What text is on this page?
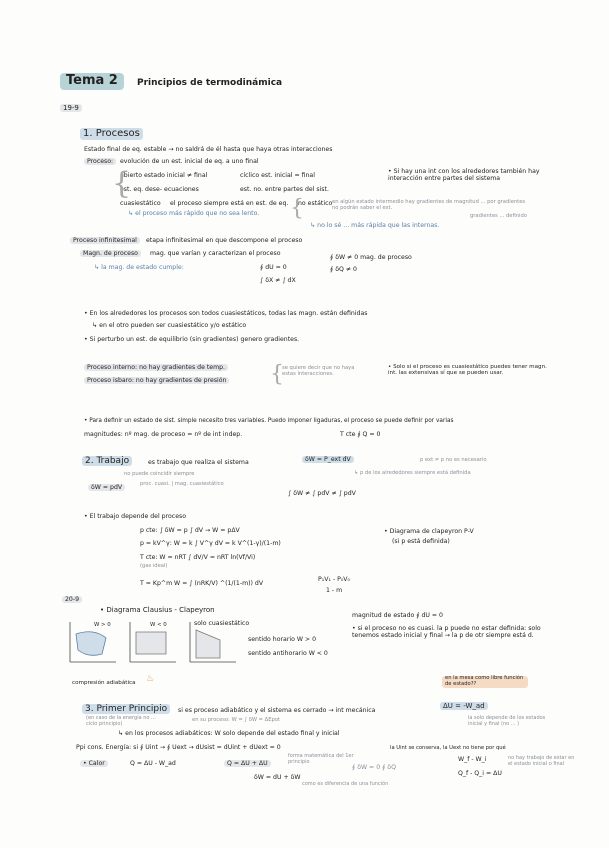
Tema 2	Principios de termodinámica
19-9
1. Procesos
Estado final de eq. estable → no saldrá de él hasta que haya otras interacciones
Proceso:	evolución de un est. inicial de eq. a uno final
abierto estado inicial ≠ final	cíclico est. inicial = final
est. eq. dese- ecuaciones	est. no. entre partes del sist.
cuasiestático el proceso siempre está en est. de eq.
↳ el proceso más rápido que no sea lento.
no estático en algún estado intermedio hay gradientes de magnitud ... por gradientes no podrán saber el est.
↳ no lo sé ... más rápida que las internas.
• Si hay una int con los alrededores también hay interacción entre partes del sistema
gradientes ... definido
Proceso infinitesimal	etapa infinitesimal en que descompone el proceso
Magn. de proceso	mag. que varían y caracterizan el proceso
↳ la mag. de estado cumple:	∮ dU = 0
∫ δX ≠ ∫ dX
∮ δW ≠ 0 mag. de proceso
∮ δQ ≠ 0
• En los alrededores los procesos son todos cuasiestáticos, todas las magn. están definidas
↳ en el otro pueden ser cuasiestático y/o estático
• Si perturbo un est. de equilibrio (sin gradientes) genero gradientes.
Proceso interno: no hay gradientes de temp.
Proceso isbaro: no hay gradientes de presión
se quiere decir que no haya estas interacciones.
• Solo si el proceso es cuasiestático puedes tener magn. int. las extensivas sí que se pueden usar.
• Para definir un estado de sist. simple necesito tres variables. Puedo imponer ligaduras, el proceso se puede definir por varias
magnitudes: nº mag. de proceso = nº de int indep.	T cte ∮ Q = 0
2. Trabajo	es trabajo que realiza el sistema	δW = P_ext dV	p ext ≠ p no es necesario
↳ p de los alrededores siempre está definida
no puede coincidir siempre
δW = pdV	proc. cuasi. | mag. cuasiestático
∫ δW ≠ ∫ pdV ≠ ∫ pdV
• El trabajo depende del proceso
p cte: ∫ δW = p ∫ dV → W = pΔV
p = kV^γ: W = k ∫ V^γ dV = k V^(1-γ)/(1-m)
T cte: W = nRT ∫ dV/V = nRT ln(Vf/Vi)
(gas ideal)
T = Kp^m W = ∫ (nRK/V) ^(1/(1-m)) dV
P₁V₁ - P₀V₀
1 - m
• Diagrama de clapeyron P-V
(si p está definida)
20-9
• Diagrama Clausius - Clapeyron
solo cuasiestático
sentido horario W > 0
sentido antihorario W < 0
W > 0	W < 0
magnitud de estado ∮ dU = 0
• si el proceso no es cuasi. la p puede no estar definida: solo tenemos estado inicial y final → la p de otr siempre está d.
compresión adiabática ♨
3. Primer Principio	si es proceso adiabático y el sistema es cerrado → int mecánica
(en caso de la energía no ... ciclo principio)
en su proceso: W = ∫ δW = ΔEpot
↳ en los procesos adiabáticos: W solo depende del estado final y inicial
Ppi cons. Energía: si ∮ Uint → ∮ Uext → dUsist = dUint + dUext = 0	la Uint se conserva, la Uext no tiene por qué
• Calor	Q = ΔU - W_ad	Q = ΔU + ΔU
δW = dU + δW
forma matemática del 1er principio
como es diferencia de una función
∮ δW = 0 ∮ δQ
en la mesa como libre función de estado??
ΔU = -W_ad
la solo depende de los estados inicial y final (no ... )
W_f - W_i
Q_f - Q_i = ΔU
no hay trabajo de estar en el estado inicial o final
{
{
{
